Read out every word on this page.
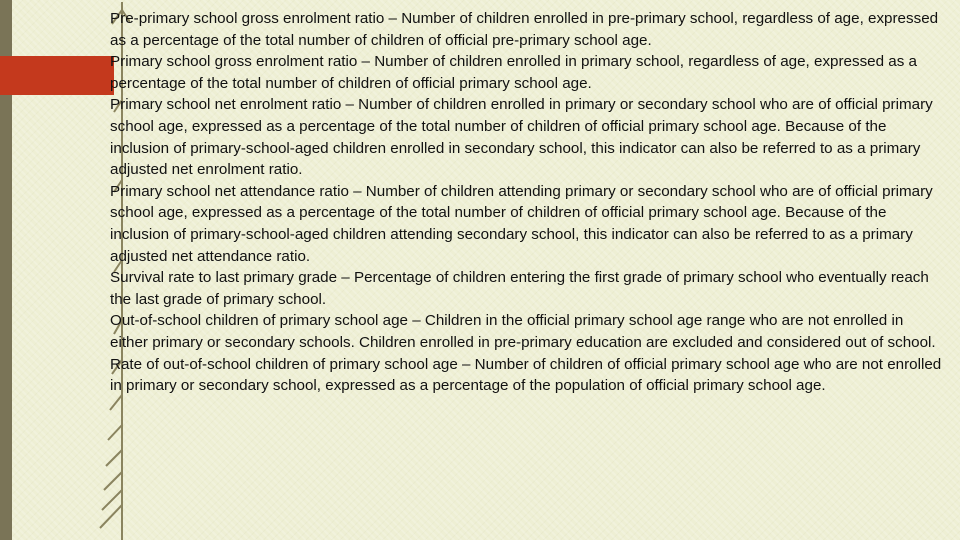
Pre-primary school gross enrolment ratio – Number of children enrolled in pre-primary school, regardless of age, expressed as a percentage of the total number of children of official pre-primary school age.

Primary school gross enrolment ratio – Number of children enrolled in primary school, regardless of age, expressed as a percentage of the total number of children of official primary school age.

Primary school net enrolment ratio – Number of children enrolled in primary or secondary school who are of official primary school age, expressed as a percentage of the total number of children of official primary school age. Because of the inclusion of primary-school-aged children enrolled in secondary school, this indicator can also be referred to as a primary

adjusted net enrolment ratio.

Primary school net attendance ratio – Number of children attending primary or secondary school who are of official primary school age, expressed as a percentage of the total number of children of official primary school age. Because of the inclusion of primary-school-aged children attending secondary school, this indicator can also be referred to as a primary

adjusted net attendance ratio.

Survival rate to last primary grade – Percentage of children entering the first grade of primary school who eventually reach the last grade of primary school.

Out-of-school children of primary school age – Children in the official primary school age range who are not enrolled in either primary or secondary schools. Children enrolled in pre-primary education are excluded and considered out of school.

Rate of out-of-school children of primary school age – Number of children of official primary school age who are not enrolled in primary or secondary school, expressed as a percentage of the population of official primary school age.
